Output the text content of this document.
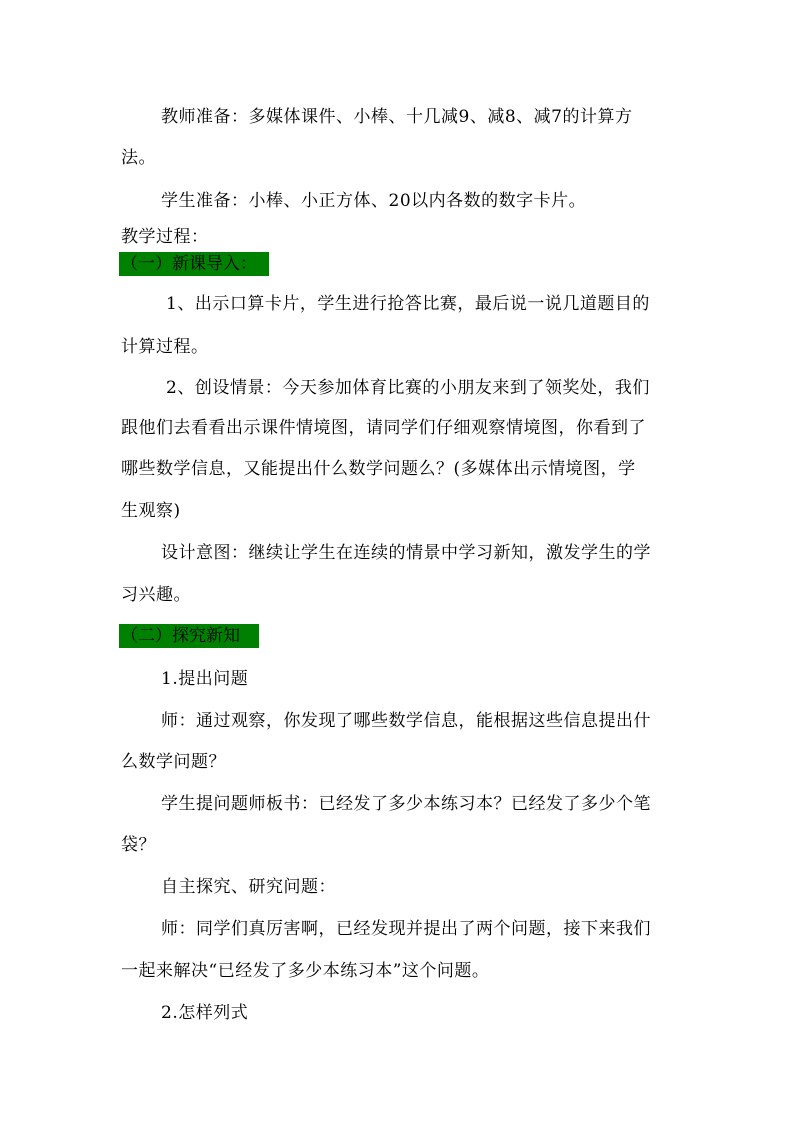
教师准备：多媒体课件、小棒、十几减9、减8、减7的计算方
法。
学生准备：小棒、小正方体、20以内各数的数字卡片。
教学过程：
（一）新课导入：
1、出示口算卡片，学生进行抢答比赛，最后说一说几道题目的
计算过程。
2、创设情景：今天参加体育比赛的小朋友来到了领奖处，我们
跟他们去看看出示课件情境图，请同学们仔细观察情境图，你看到了
哪些数学信息，又能提出什么数学问题么？(多媒体出示情境图，学
生观察)
设计意图：继续让学生在连续的情景中学习新知，激发学生的学
习兴趣。
（二）探究新知
1.提出问题
师：通过观察，你发现了哪些数学信息，能根据这些信息提出什
么数学问题？
学生提问题师板书：已经发了多少本练习本？已经发了多少个笔
袋？
自主探究、研究问题：
师：同学们真厉害啊，已经发现并提出了两个问题，接下来我们
一起来解决“已经发了多少本练习本”这个问题。
2.怎样列式
